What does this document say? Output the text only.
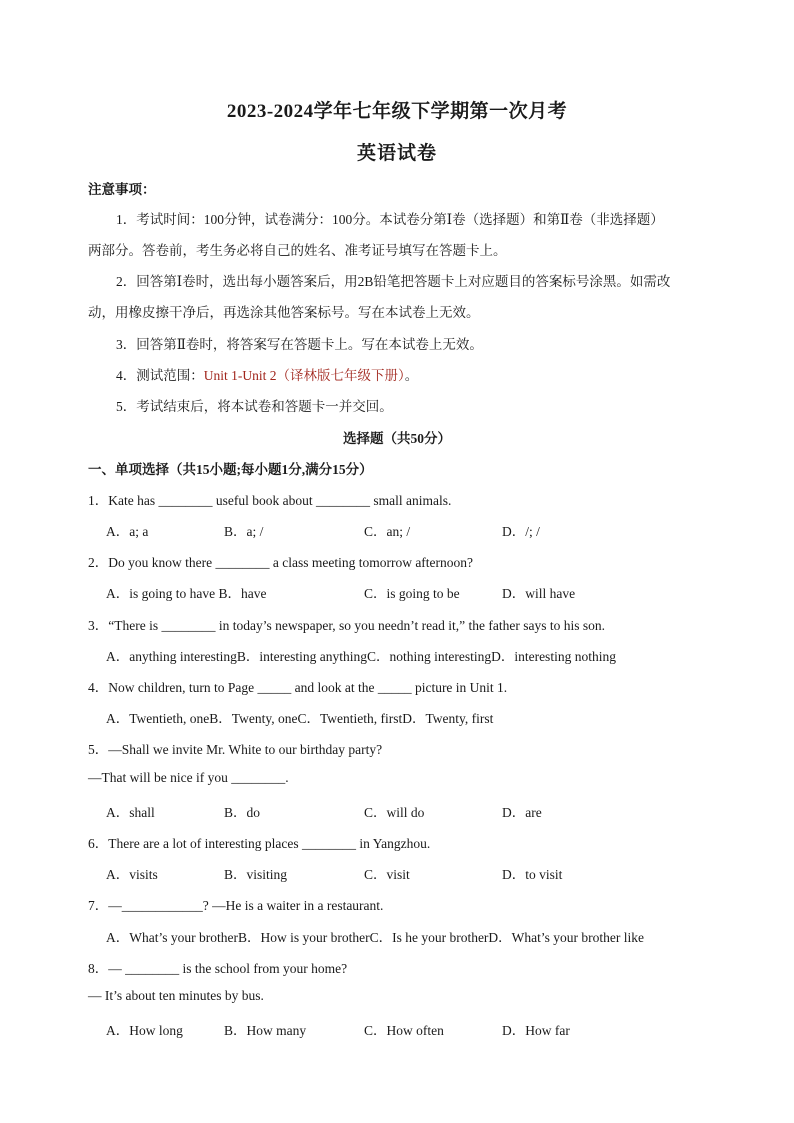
2023-2024学年七年级下学期第一次月考
英语试卷
注意事项：
1．考试时间：100分钟，试卷满分：100分。本试卷分第Ⅰ卷（选择题）和第Ⅱ卷（非选择题）
两部分。答卷前，考生务必将自己的姓名、准考证号填写在答题卡上。
2．回答第Ⅰ卷时，选出每小题答案后，用2B铅笔把答题卡上对应题目的答案标号涂黑。如需改
动，用橡皮擦干净后，再选涂其他答案标号。写在本试卷上无效。
3．回答第Ⅱ卷时，将答案写在答题卡上。写在本试卷上无效。
4．测试范围：Unit 1-Unit 2（译林版七年级下册）。
5．考试结束后，将本试卷和答题卡一并交回。
选择题（共50分）
一、单项选择（共15小题;每小题1分,满分15分）
1．Kate has ________ useful book about ________ small animals.
A．a; a	B．a; /	C．an; /	D．/; /
2．Do you know there ________ a class meeting tomorrow afternoon?
A．is going to have B．have	C．is going to be	D．will have
3．“There is ________ in today’s newspaper, so you needn’t read it,” the father says to his son.
A．anything interestingB．interesting anythingC．nothing interestingD．interesting nothing
4．Now children, turn to Page _____ and look at the _____ picture in Unit 1.
A．Twentieth, oneB．Twenty, oneC．Twentieth, firstD．Twenty, first
5．—Shall we invite Mr. White to our birthday party?
—That will be nice if you ________.
A．shall	B．do	C．will do	D．are
6．There are a lot of interesting places ________ in Yangzhou.
A．visits	B．visiting	C．visit	D．to visit
7．—____________? —He is a waiter in a restaurant.
A．What’s your brotherB．How is your brotherC．Is he your brotherD．What’s your brother like
8．— ________ is the school from your home?
— It’s about ten minutes by bus.
A．How long	B．How many	C．How often	D．How far
